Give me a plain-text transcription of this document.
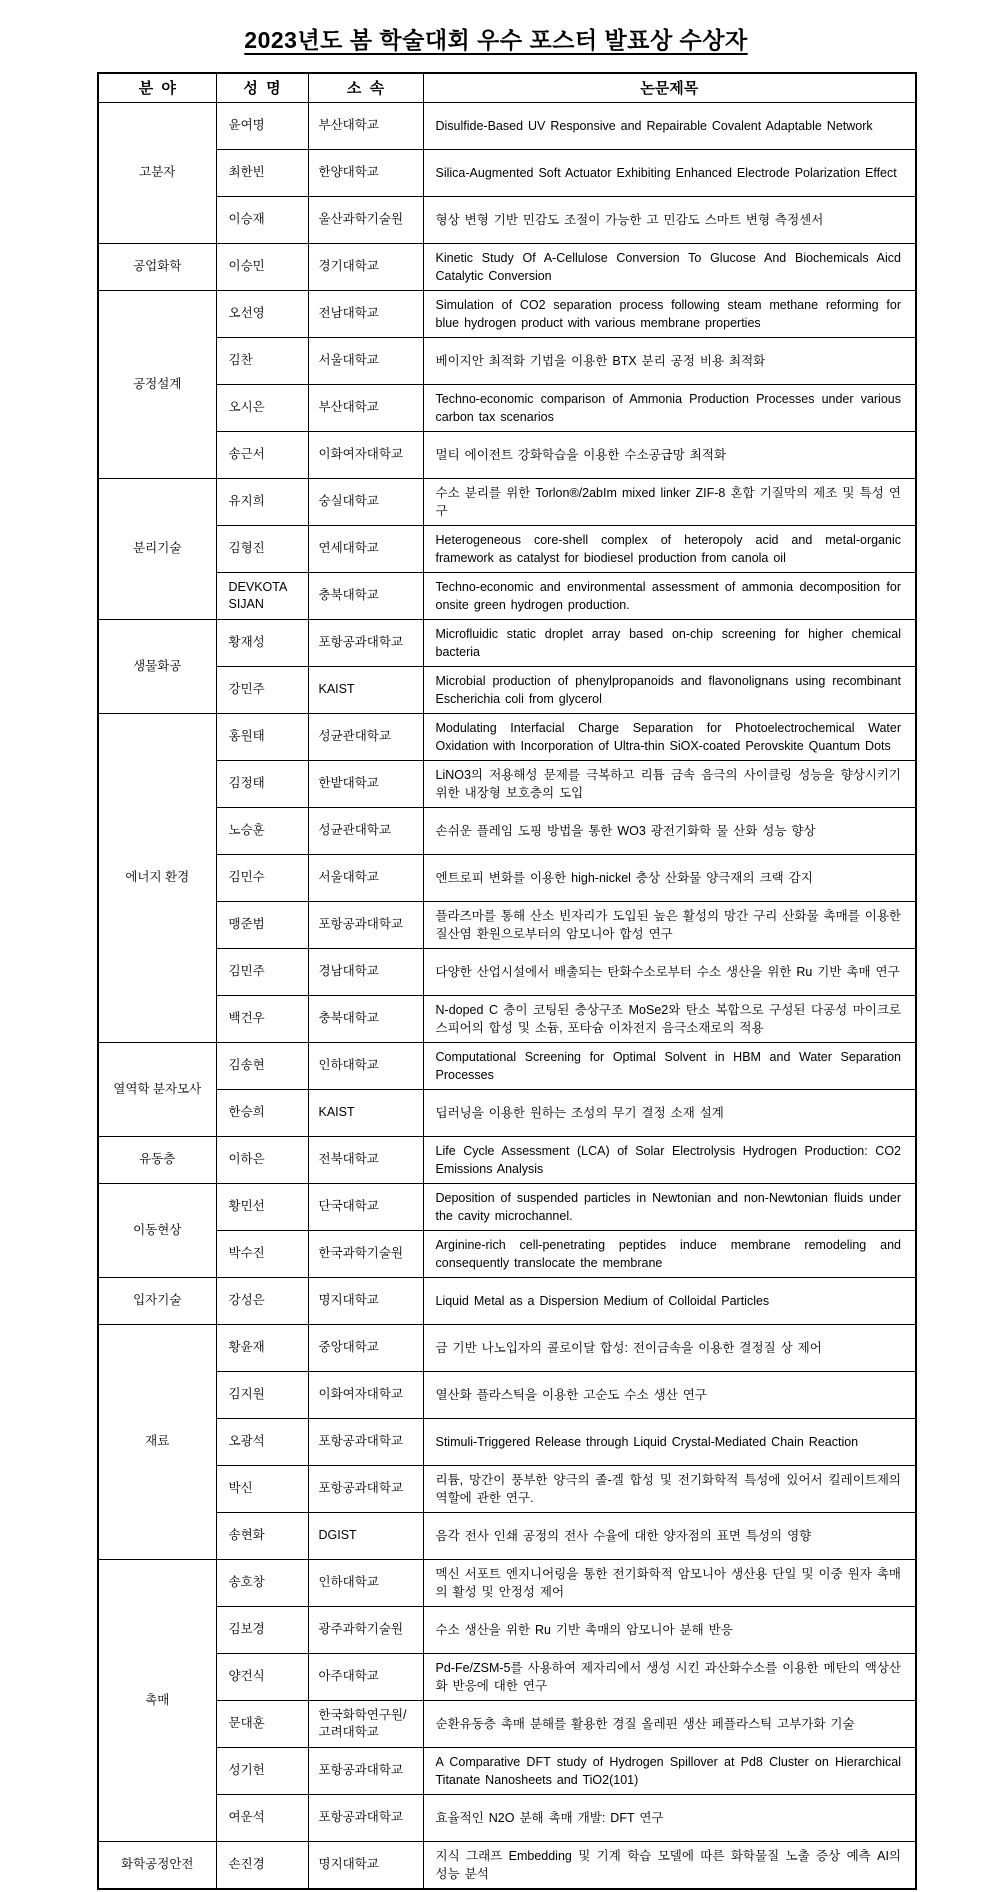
2023년도 봄 학술대회 우수 포스터 발표상 수상자
분  야	성  명	소  속	논문제목
고분자	윤여명	부산대학교	Disulfide-Based UV Responsive and Repairable Covalent Adaptable Network
	최한빈	한양대학교	Silica-Augmented Soft Actuator Exhibiting Enhanced Electrode Polarization Effect
	이승재	울산과학기술원	형상 변형 기반 민감도 조절이 가능한 고 민감도 스마트 변형 측정센서
공업화학	이승민	경기대학교	Kinetic Study Of A-Cellulose Conversion To Glucose And Biochemicals Aicd Catalytic Conversion
공정설계	오선영	전남대학교	Simulation of CO2 separation process following steam methane reforming for blue hydrogen product with various membrane properties
	김찬	서울대학교	베이지안 최적화 기법을 이용한 BTX 분리 공정 비용 최적화
	오시은	부산대학교	Techno-economic comparison of Ammonia Production Processes under various carbon tax scenarios
	송근서	이화여자대학교	멀티 에이전트 강화학습을 이용한 수소공급망 최적화
분리기술	유지희	숭실대학교	수소 분리를 위한 Torlon®/2abIm mixed linker ZIF-8 혼합 기질막의 제조 및 특성 연구
	김형진	연세대학교	Heterogeneous core-shell complex of heteropoly acid and metal-organic framework as catalyst for biodiesel production from canola oil
	DEVKOTA SIJAN	충북대학교	Techno-economic and environmental assessment of ammonia decomposition for onsite green hydrogen production.
생물화공	황재성	포항공과대학교	Microfluidic static droplet array based on-chip screening for higher chemical bacteria
	강민주	KAIST	Microbial production of phenylpropanoids and flavonolignans using recombinant Escherichia coli from glycerol
에너지 환경	홍원태	성균관대학교	Modulating Interfacial Charge Separation for Photoelectrochemical Water Oxidation with Incorporation of Ultra-thin SiOX-coated Perovskite Quantum Dots
	김정태	한밭대학교	LiNO3의 저용해성 문제를 극복하고 리튬 금속 음극의 사이클링 성능을 향상시키기 위한 내장형 보호층의 도입
	노승훈	성균관대학교	손쉬운 플레임 도핑 방법을 통한 WO3 광전기화학 물 산화 성능 향상
	김민수	서울대학교	엔트로피 변화를 이용한 high-nickel 층상 산화물 양극재의 크랙 감지
	맹준범	포항공과대학교	플라즈마를 통해 산소 빈자리가 도입된 높은 활성의 망간 구리 산화물 촉매를 이용한 질산염 환원으로부터의 암모니아 합성 연구
	김민주	경남대학교	다양한 산업시설에서 배출되는 탄화수소로부터 수소 생산을 위한 Ru 기반 촉매 연구
	백건우	충북대학교	N-doped C 층이 코팅된 층상구조 MoSe2와 탄소 복합으로 구성된 다공성 마이크로스피어의 합성 및 소듐, 포타슘 이차전지 음극소재로의 적용
열역학 분자모사	김송현	인하대학교	Computational Screening for Optimal Solvent in HBM and Water Separation Processes
	한승희	KAIST	딥러닝을 이용한 원하는 조성의 무기 결정 소재 설계
유동층	이하은	전북대학교	Life Cycle Assessment (LCA) of Solar Electrolysis Hydrogen Production: CO2 Emissions Analysis
이동현상	황민선	단국대학교	Deposition of suspended particles in Newtonian and non-Newtonian fluids under the cavity microchannel.
	박수진	한국과학기술원	Arginine-rich cell-penetrating peptides induce membrane remodeling and consequently translocate the membrane
입자기술	강성은	명지대학교	Liquid Metal as a Dispersion Medium of Colloidal Particles
재료	황윤재	중앙대학교	금 기반 나노입자의 콜로이달 합성: 전이금속을 이용한 결정질 상 제어
	김지원	이화여자대학교	열산화 플라스틱을 이용한 고순도 수소 생산 연구
	오광석	포항공과대학교	Stimuli-Triggered Release through Liquid Crystal-Mediated Chain Reaction
	박신	포항공과대학교	리튬, 망간이 풍부한 양극의 졸-겔 합성 및 전기화학적 특성에 있어서 킬레이트제의 역할에 관한 연구.
	송현화	DGIST	음각 전사 인쇄 공정의 전사 수율에 대한 양자점의 표면 특성의 영향
촉매	송호창	인하대학교	멕신 서포트 엔지니어링을 통한 전기화학적 암모니아 생산용 단일 및 이중 원자 촉매의 활성 및 안정성 제어
	김보경	광주과학기술원	수소 생산을 위한 Ru 기반 촉매의 암모니아 분해 반응
	양건식	아주대학교	Pd-Fe/ZSM-5를 사용하여 제자리에서 생성 시킨 과산화수소를 이용한 메탄의 액상산화 반응에 대한 연구
	문대훈	한국화학연구원/고려대학교	순환유동층 촉매 분해를 활용한 경질 올레핀 생산 페플라스틱 고부가화 기술
	성기헌	포항공과대학교	A Comparative DFT study of Hydrogen Spillover at Pd8 Cluster on Hierarchical Titanate Nanosheets and TiO2(101)
	여운석	포항공과대학교	효율적인 N2O 분해 촉매 개발: DFT 연구
화학공정안전	손진경	명지대학교	지식 그래프 Embedding 및 기계 학습 모델에 따른 화학물질 노출 증상 예측 AI의 성능 분석
